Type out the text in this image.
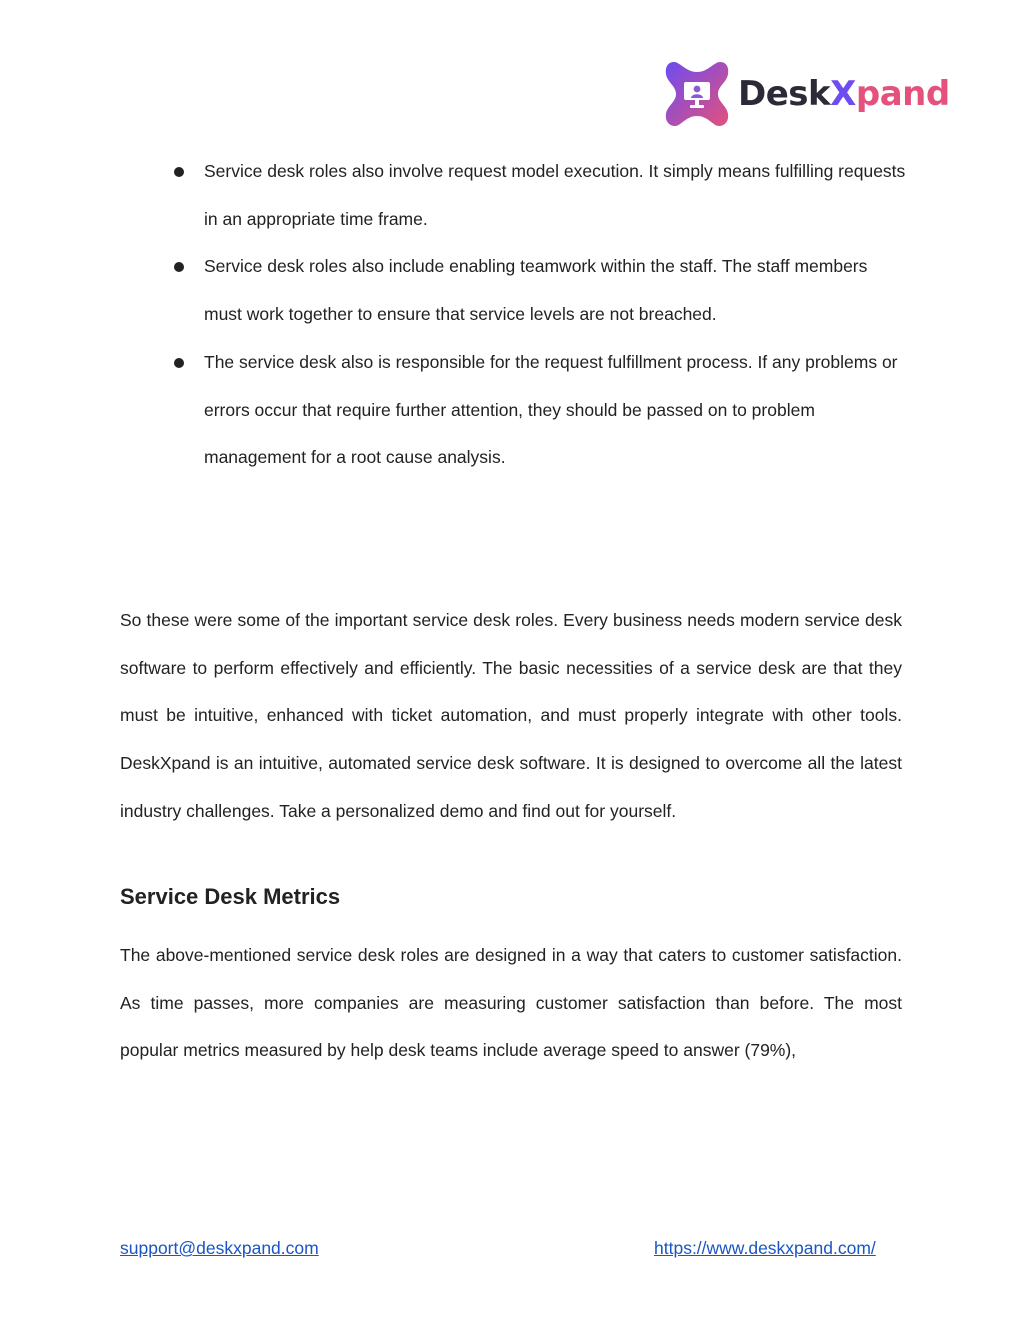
DeskXpand
Service desk roles also involve request model execution. It simply means fulfilling requests in an appropriate time frame.
Service desk roles also include enabling teamwork within the staff. The staff members must work together to ensure that service levels are not breached.
The service desk also is responsible for the request fulfillment process. If any problems or errors occur that require further attention, they should be passed on to problem management for a root cause analysis.

So these were some of the important service desk roles. Every business needs modern service desk software to perform effectively and efficiently. The basic necessities of a service desk are that they must be intuitive, enhanced with ticket automation, and must properly integrate with other tools. DeskXpand is an intuitive, automated service desk software. It is designed to overcome all the latest industry challenges. Take a personalized demo and find out for yourself.

Service Desk Metrics

The above-mentioned service desk roles are designed in a way that caters to customer satisfaction. As time passes, more companies are measuring customer satisfaction than before. The most popular metrics measured by help desk teams include average speed to answer (79%),

support@deskxpand.com	https://www.deskxpand.com/
